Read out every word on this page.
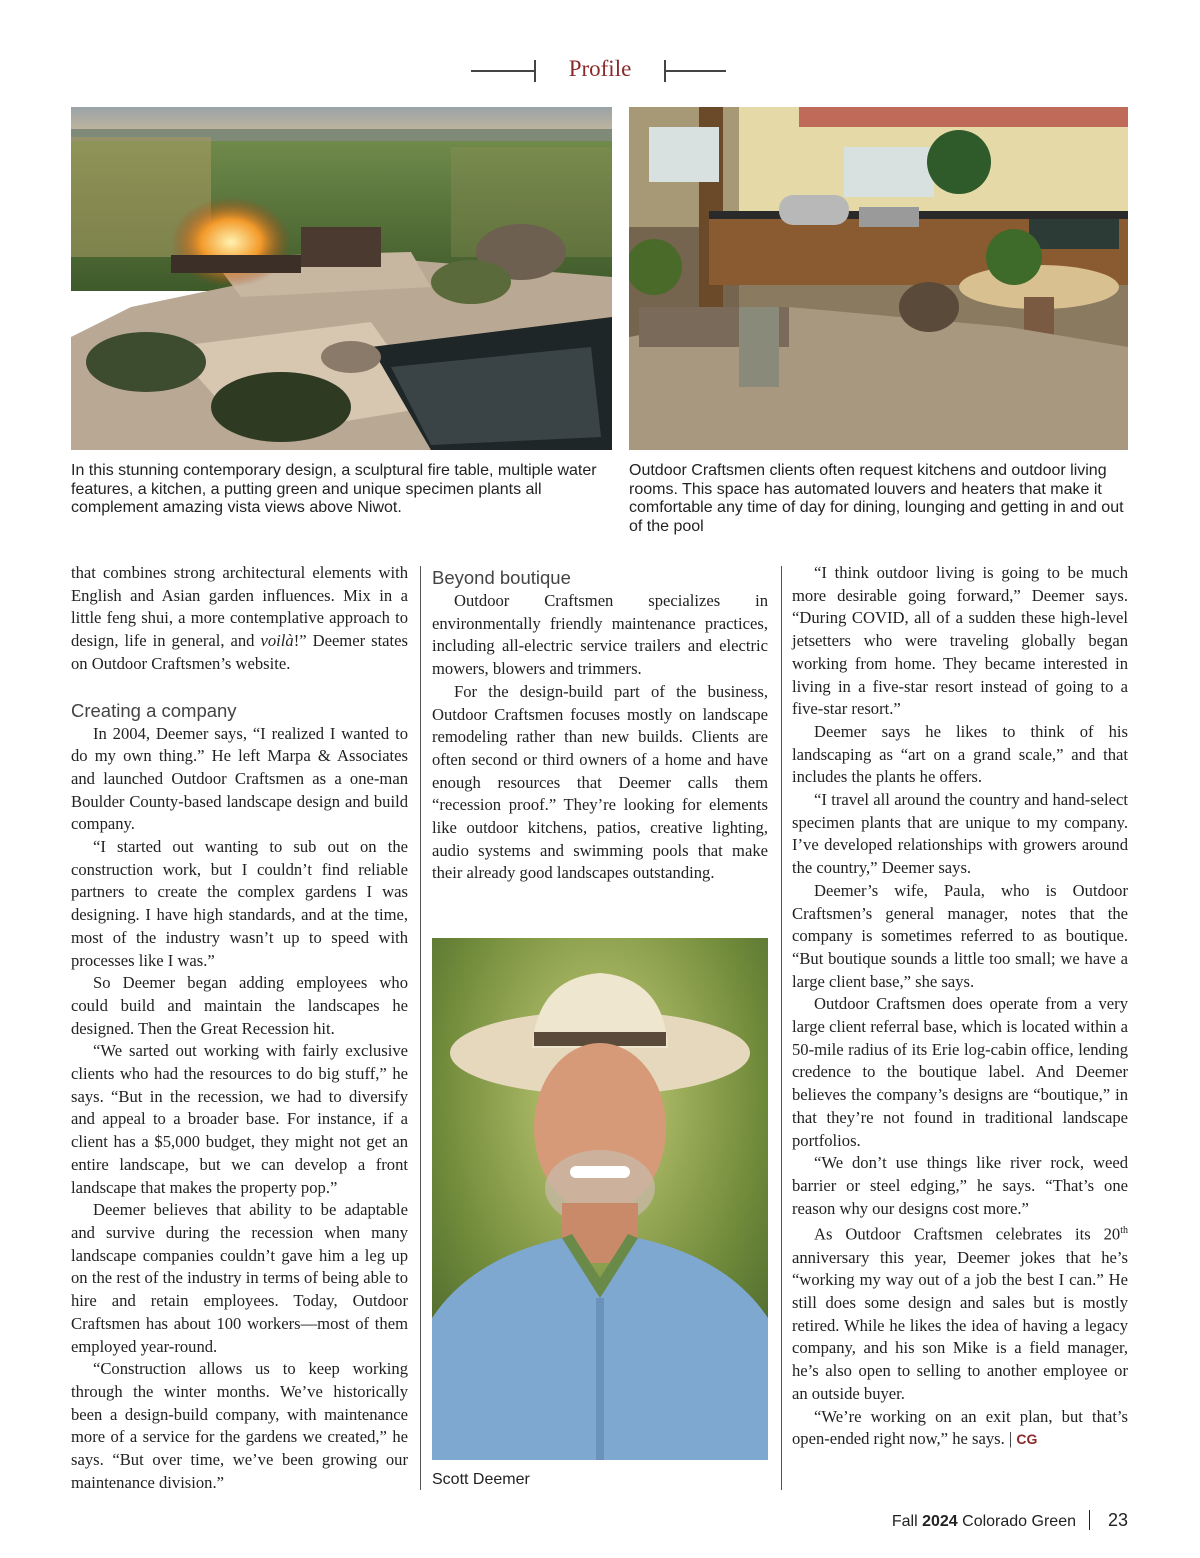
Profile
In this stunning contemporary design, a sculptural fire table, multiple water features, a kitchen, a putting green and unique specimen plants all complement amazing vista views above Niwot.
Outdoor Craftsmen clients often request kitchens and outdoor living rooms. This space has automated louvers and heaters that make it comfortable any time of day for dining, lounging and getting in and out of the pool

that combines strong architectural elements with English and Asian garden influences. Mix in a little feng shui, a more contemplative approach to design, life in general, and voilà!” Deemer states on Outdoor Craftsmen’s website.

Creating a company

In 2004, Deemer says, “I realized I wanted to do my own thing.” He left Marpa & Associates and launched Outdoor Craftsmen as a one-man Boulder County-based landscape design and build company.

“I started out wanting to sub out on the construction work, but I couldn’t find reliable partners to create the complex gardens I was designing. I have high standards, and at the time, most of the industry wasn’t up to speed with processes like I was.”

So Deemer began adding employees who could build and maintain the landscapes he designed. Then the Great Recession hit.

“We sarted out working with fairly exclusive clients who had the resources to do big stuff,” he says. “But in the recession, we had to diversify and appeal to a broader base. For instance, if a client has a $5,000 budget, they might not get an entire landscape, but we can develop a front landscape that makes the property pop.”

Deemer believes that ability to be adaptable and survive during the recession when many landscape companies couldn’t gave him a leg up on the rest of the industry in terms of being able to hire and retain employees. Today, Outdoor Craftsmen has about 100 workers—most of them employed year-round.

“Construction allows us to keep working through the winter months. We’ve historically been a design-build company, with maintenance more of a service for the gardens we created,” he says. “But over time, we’ve been growing our maintenance division.”

Beyond boutique

Outdoor Craftsmen specializes in environmentally friendly maintenance practices, including all-electric service trailers and electric mowers, blowers and trimmers.

For the design-build part of the business, Outdoor Craftsmen focuses mostly on landscape remodeling rather than new builds. Clients are often second or third owners of a home and have enough resources that Deemer calls them “recession proof.” They’re looking for elements like outdoor kitchens, patios, creative lighting, audio systems and swimming pools that make their already good landscapes outstanding.

Scott Deemer

“I think outdoor living is going to be much more desirable going forward,” Deemer says. “During COVID, all of a sudden these high-level jetsetters who were traveling globally began working from home. They became interested in living in a five-star resort instead of going to a five-star resort.”

Deemer says he likes to think of his landscaping as “art on a grand scale,” and that includes the plants he offers.

“I travel all around the country and hand-select specimen plants that are unique to my company. I’ve developed relationships with growers around the country,” Deemer says.

Deemer’s wife, Paula, who is Outdoor Craftsmen’s general manager, notes that the company is sometimes referred to as boutique. “But boutique sounds a little too small; we have a large client base,” she says.

Outdoor Craftsmen does operate from a very large client referral base, which is located within a 50-mile radius of its Erie log-cabin office, lending credence to the boutique label. And Deemer believes the company’s designs are “boutique,” in that they’re not found in traditional landscape portfolios.

“We don’t use things like river rock, weed barrier or steel edging,” he says. “That’s one reason why our designs cost more.”

As Outdoor Craftsmen celebrates its 20th anniversary this year, Deemer jokes that he’s “working my way out of a job the best I can.” He still does some design and sales but is mostly retired. While he likes the idea of having a legacy company, and his son Mike is a field manager, he’s also open to selling to another employee or an outside buyer.

“We’re working on an exit plan, but that’s open-ended right now,” he says. | CG

Fall 2024 Colorado Green 23
